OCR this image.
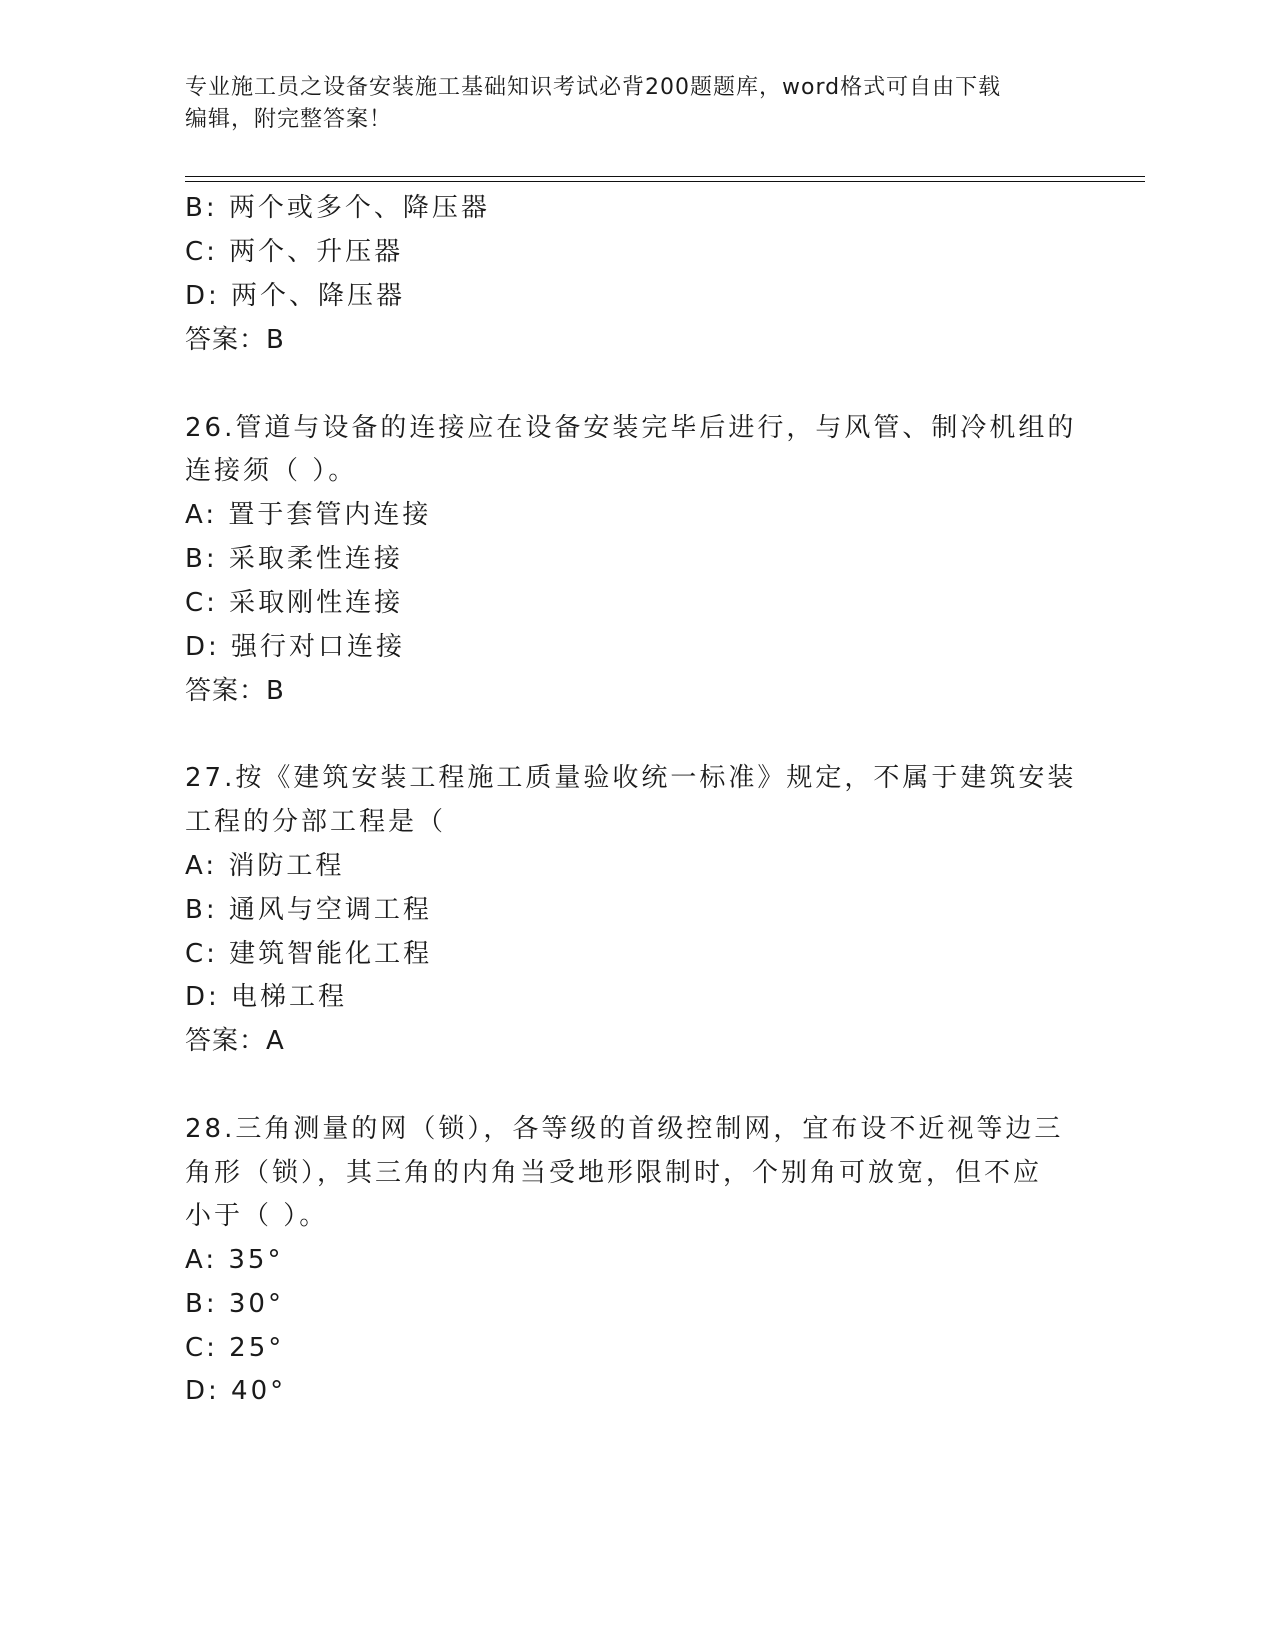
专业施工员之设备安装施工基础知识考试必背200题题库，word格式可自由下载
编辑，附完整答案！
B: 两个或多个、降压器
C: 两个、升压器
D: 两个、降压器
答案：B
26.管道与设备的连接应在设备安装完毕后进行，与风管、制冷机组的
连接须（ ）。
A: 置于套管内连接
B: 采取柔性连接
C: 采取刚性连接
D: 强行对口连接
答案：B
27.按《建筑安装工程施工质量验收统一标准》规定，不属于建筑安装
工程的分部工程是（
A: 消防工程
B: 通风与空调工程
C: 建筑智能化工程
D: 电梯工程
答案：A
28.三角测量的网（锁），各等级的首级控制网，宜布设不近视等边三
角形（锁），其三角的内角当受地形限制时，个别角可放宽，但不应
小于（ ）。
A: 35°
B: 30°
C: 25°
D: 40°
